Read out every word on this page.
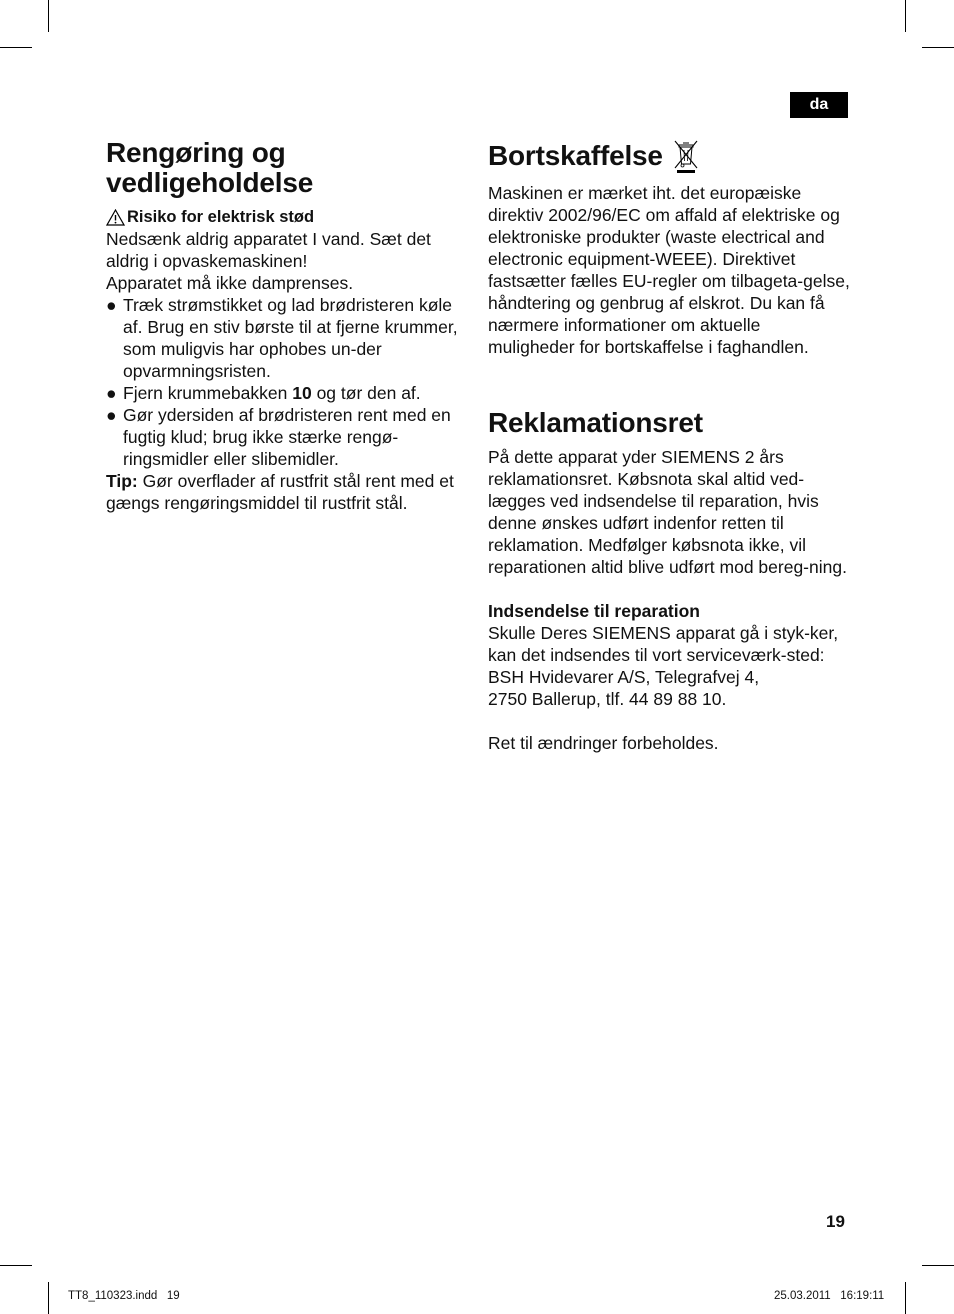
da
Rengøring og vedligeholdelse
Risiko for elektrisk stød

Nedsænk aldrig apparatet I vand. Sæt det aldrig i opvaskemaskinen!

Apparatet må ikke damprenses.

● Træk strømstikket og lad brødristeren køle af. Brug en stiv børste til at fjerne krummer, som muligvis har ophobes un-der opvarmningsristen.
● Fjern krummebakken 10 og tør den af.
● Gør ydersiden af brødristeren rent med en fugtig klud; brug ikke stærke rengø-ringsmidler eller slibemidler.

Tip: Gør overflader af rustfrit stål rent med et gængs rengøringsmiddel til rustfrit stål.

Bortskaffelse

Maskinen er mærket iht. det europæiske direktiv 2002/96/EC om affald af elektriske og elektroniske produkter (waste electrical and electronic equipment-WEEE). Direktivet fastsætter fælles EU-regler om tilbageta-gelse, håndtering og genbrug af elskrot. Du kan få nærmere informationer om aktuelle muligheder for bortskaffelse i faghandlen.

Reklamationsret

På dette apparat yder SIEMENS 2 års reklamationsret. Købsnota skal altid ved-lægges ved indsendelse til reparation, hvis denne ønskes udført indenfor retten til reklamation. Medfølger købsnota ikke, vil reparationen altid blive udført mod bereg-ning.

Indsendelse til reparation

Skulle Deres SIEMENS apparat gå i styk-ker, kan det indsendes til vort serviceværk-sted:

BSH Hvidevarer A/S, Telegrafvej 4,

2750 Ballerup, tlf. 44 89 88 10.

Ret til ændringer forbeholdes.

19
TT8_110323.indd   19	25.03.2011   16:19:11
